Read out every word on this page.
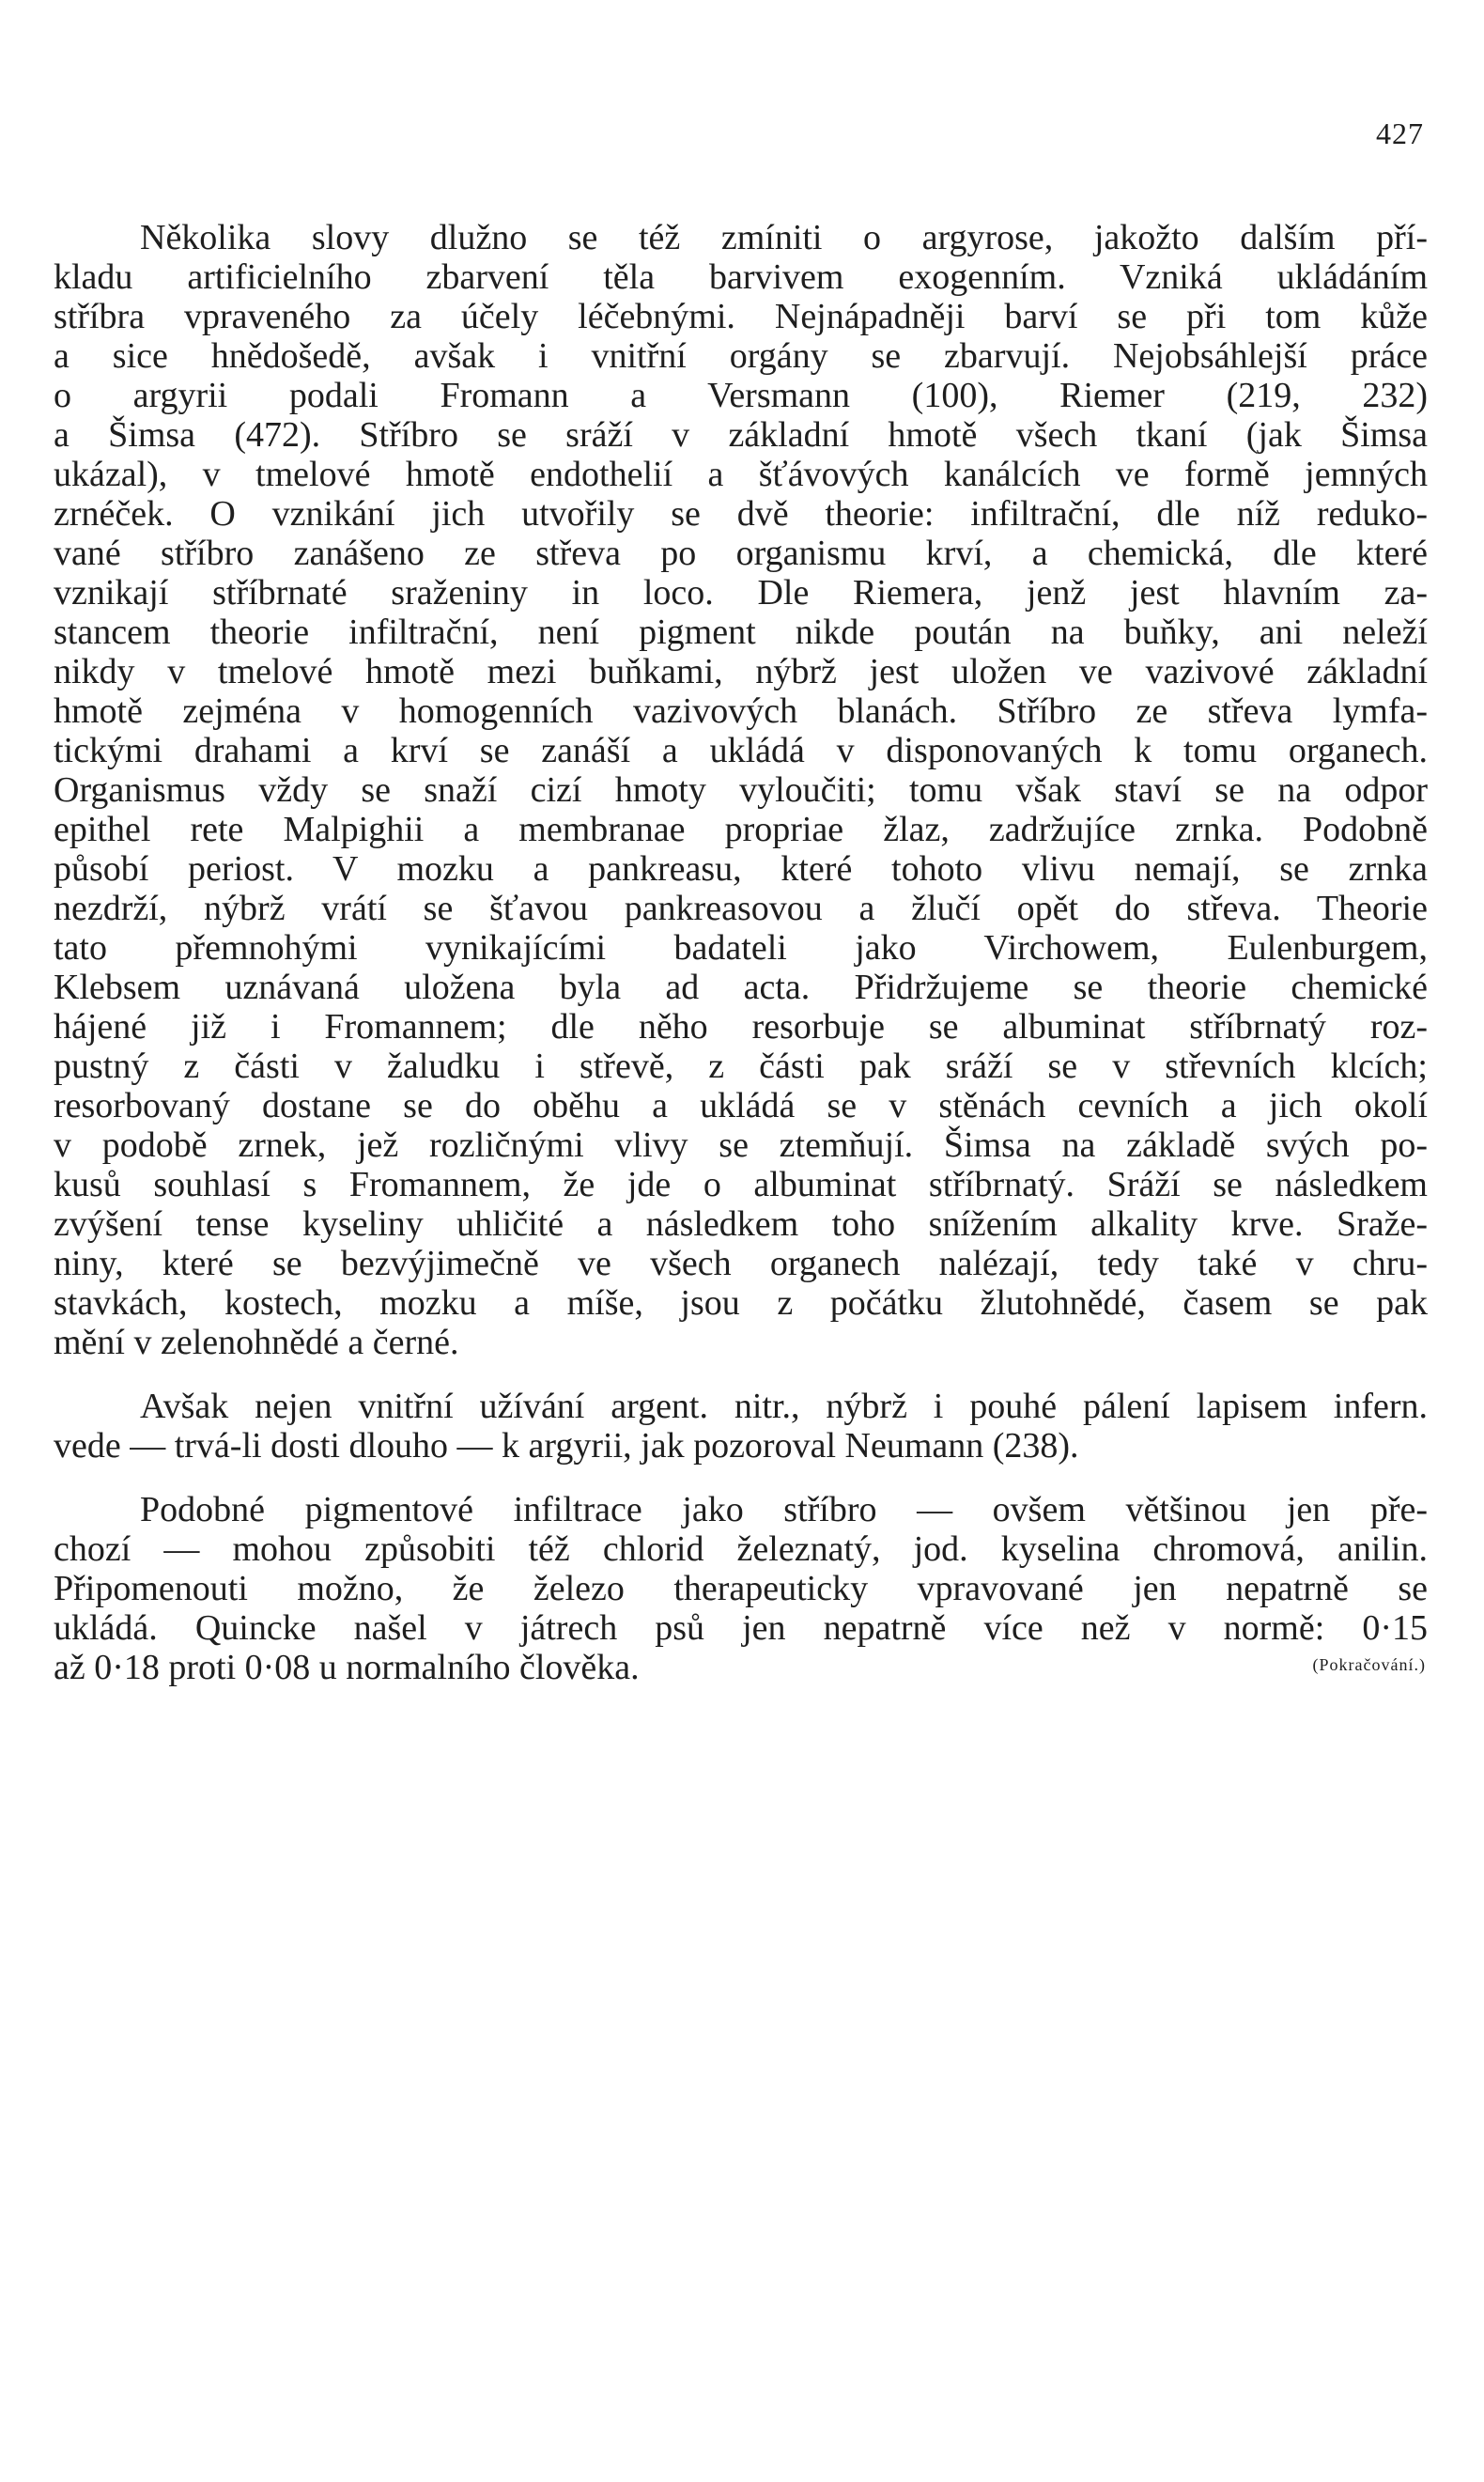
427
Několika slovy dlužno se též zmíniti o argyrose, jakožto dalším pří-
kladu artificielního zbarvení těla barvivem exogenním. Vzniká ukládáním
stříbra vpraveného za účely léčebnými. Nejnápadněji barví se při tom kůže
a sice hnědošedě, avšak i vnitřní orgány se zbarvují. Nejobsáhlejší práce
o argyrii podali Fromann a Versmann (100), Riemer (219, 232)
a Šimsa (472). Stříbro se sráží v základní hmotě všech tkaní (jak Šimsa
ukázal), v tmelové hmotě endothelií a šťávových kanálcích ve formě jemných
zrnéček. O vznikání jich utvořily se dvě theorie: infiltrační, dle níž redukо-
vané stříbro zanášeno ze střeva po organismu krví, a chemická, dle které
vznikají stříbrnaté sraženiny in loco. Dle Riemera, jenž jest hlavním za-
stancem theorie infiltrační, není pigment nikde poután na buňky, ani neleží
nikdy v tmelové hmotě mezi buňkami, nýbrž jest uložen ve vazivové základní
hmotě zejména v homogenních vazivových blanách. Stříbro ze střeva lymfa-
tickými drahami a krví se zanáší a ukládá v disponovaných k tomu organech.
Organismus vždy se snaží cizí hmoty vyloučiti; tomu však staví se na odpor
epithel rete Malpighii a membranae propriae žlaz, zadržujíce zrnka. Podobně
působí periost. V mozku a pankreasu, které tohoto vlivu nemají, se zrnka
nezdrží, nýbrž vrátí se šťavou pankreasovou a žlučí opět do střeva. Theorie
tato přemnohými vynikajícími badateli jako Virchowem, Eulenburgem,
Klebsem uznávaná uložena byla ad acta. Přidržujeme se theorie chemické
hájené již i Fromannem; dle něho resorbuje se albuminat stříbrnatý roz-
pustný z části v žaludku i střevě, z části pak sráží se v střevních klcích;
resorbovaný dostane se do oběhu a ukládá se v stěnách cevních a jich okolí
v podobě zrnek, jež rozličnými vlivy se ztemňují. Šimsa na základě svých po-
kusů souhlasí s Fromannem, že jde o albuminat stříbrnatý. Sráží se následkem
zvýšení tense kyseliny uhličité a následkem toho snížením alkality krve. Sraže-
niny, které se bezvýjimečně ve všech organech nalézají, tedy také v chru-
stavkách, kostech, mozku a míše, jsou z počátku žlutohnědé, časem se pak
mění v zelenohnědé a černé.
Avšak nejen vnitřní užívání argent. nitr., nýbrž i pouhé pálení lapisem infern.
vede — trvá-li dosti dlouho — k argyrii, jak pozoroval Neumann (238).
Podobné pigmentové infiltrace jako stříbro — ovšem většinou jen pře-
chozí — mohou způsobiti též chlorid železnatý, jod. kyselina chromová, anilin.
Připomenouti možno, že železo therapeuticky vpravované jen nepatrně se
ukládá. Quincke našel v játrech psů jen nepatrně více než v normě: 0·15
(Pokračování.)
až 0·18 proti 0·08 u normalního člověka.
